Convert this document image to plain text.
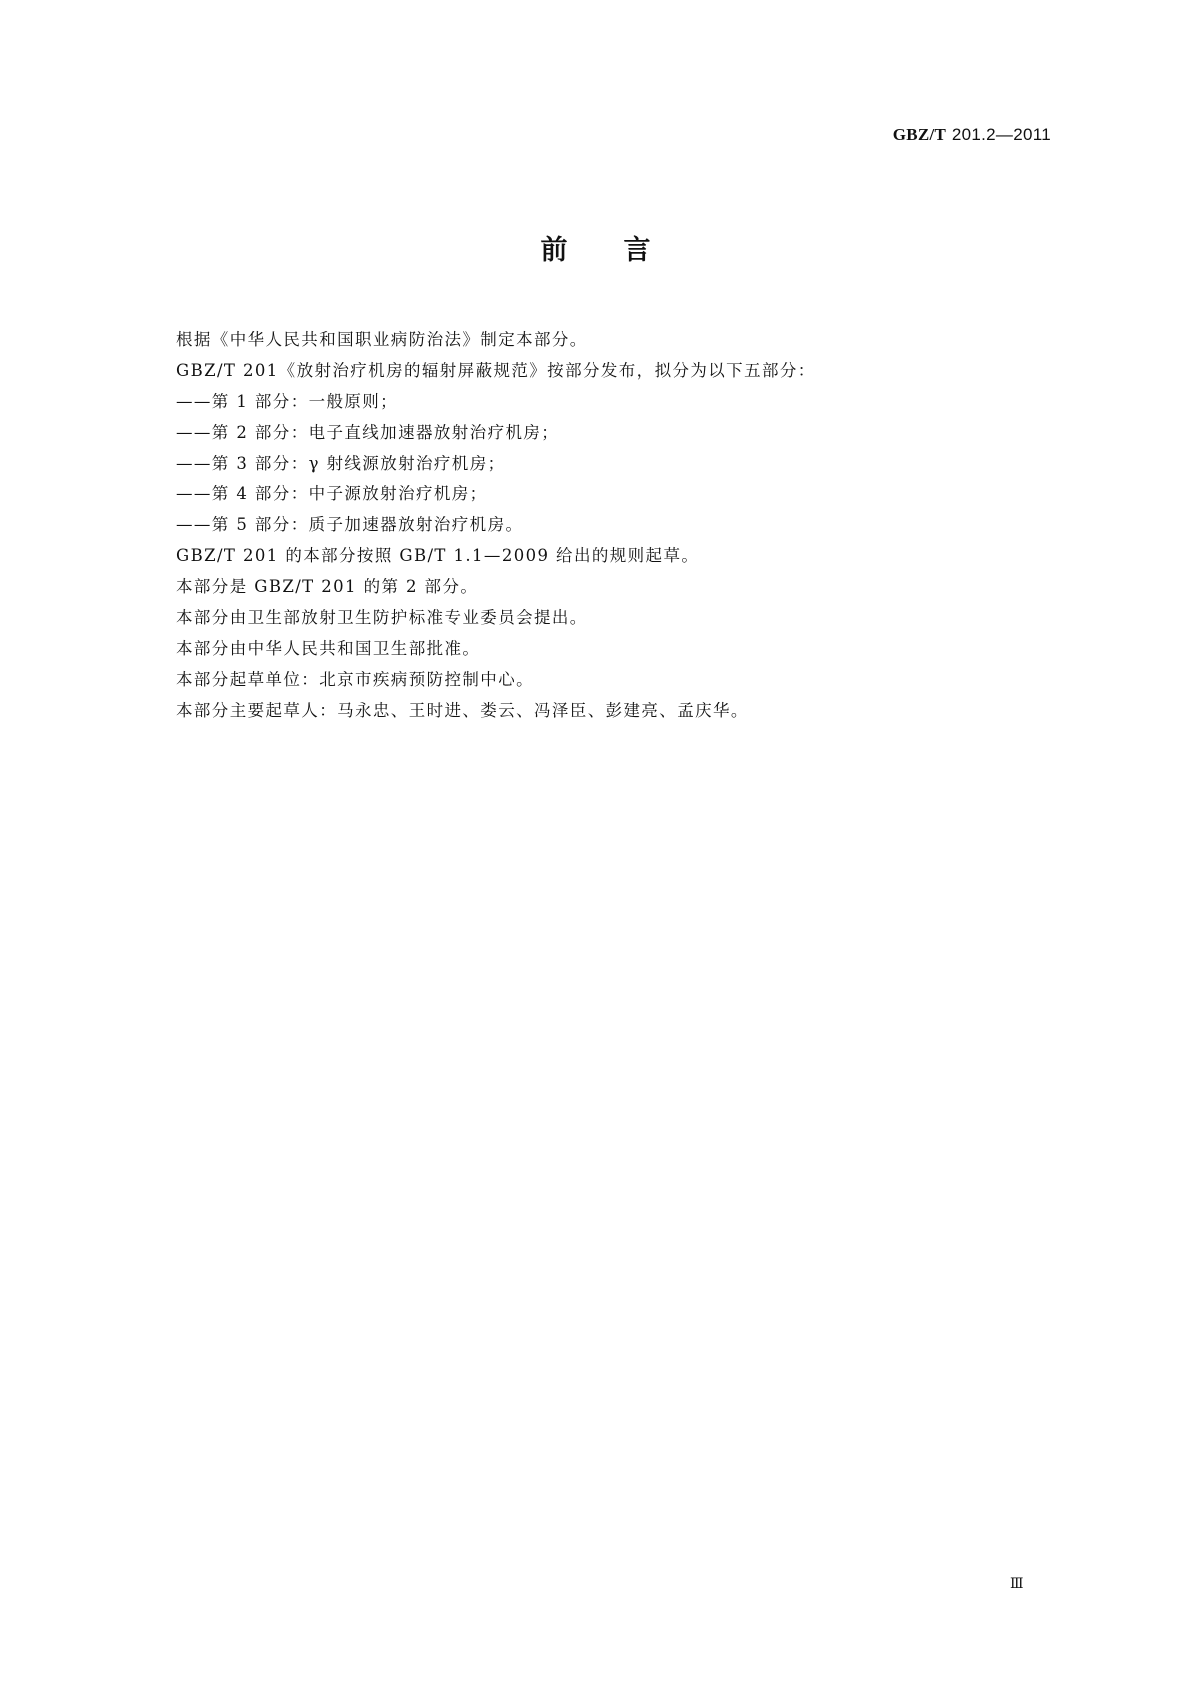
GBZ/T 201.2—2011
前言
根据《中华人民共和国职业病防治法》制定本部分。
GBZ/T 201《放射治疗机房的辐射屏蔽规范》按部分发布，拟分为以下五部分：
——第 1 部分：一般原则；
——第 2 部分：电子直线加速器放射治疗机房；
——第 3 部分：γ 射线源放射治疗机房；
——第 4 部分：中子源放射治疗机房；
——第 5 部分：质子加速器放射治疗机房。
GBZ/T 201 的本部分按照 GB/T 1.1—2009 给出的规则起草。
本部分是 GBZ/T 201 的第 2 部分。
本部分由卫生部放射卫生防护标准专业委员会提出。
本部分由中华人民共和国卫生部批准。
本部分起草单位：北京市疾病预防控制中心。
本部分主要起草人：马永忠、王时进、娄云、冯泽臣、彭建亮、孟庆华。
Ⅲ
